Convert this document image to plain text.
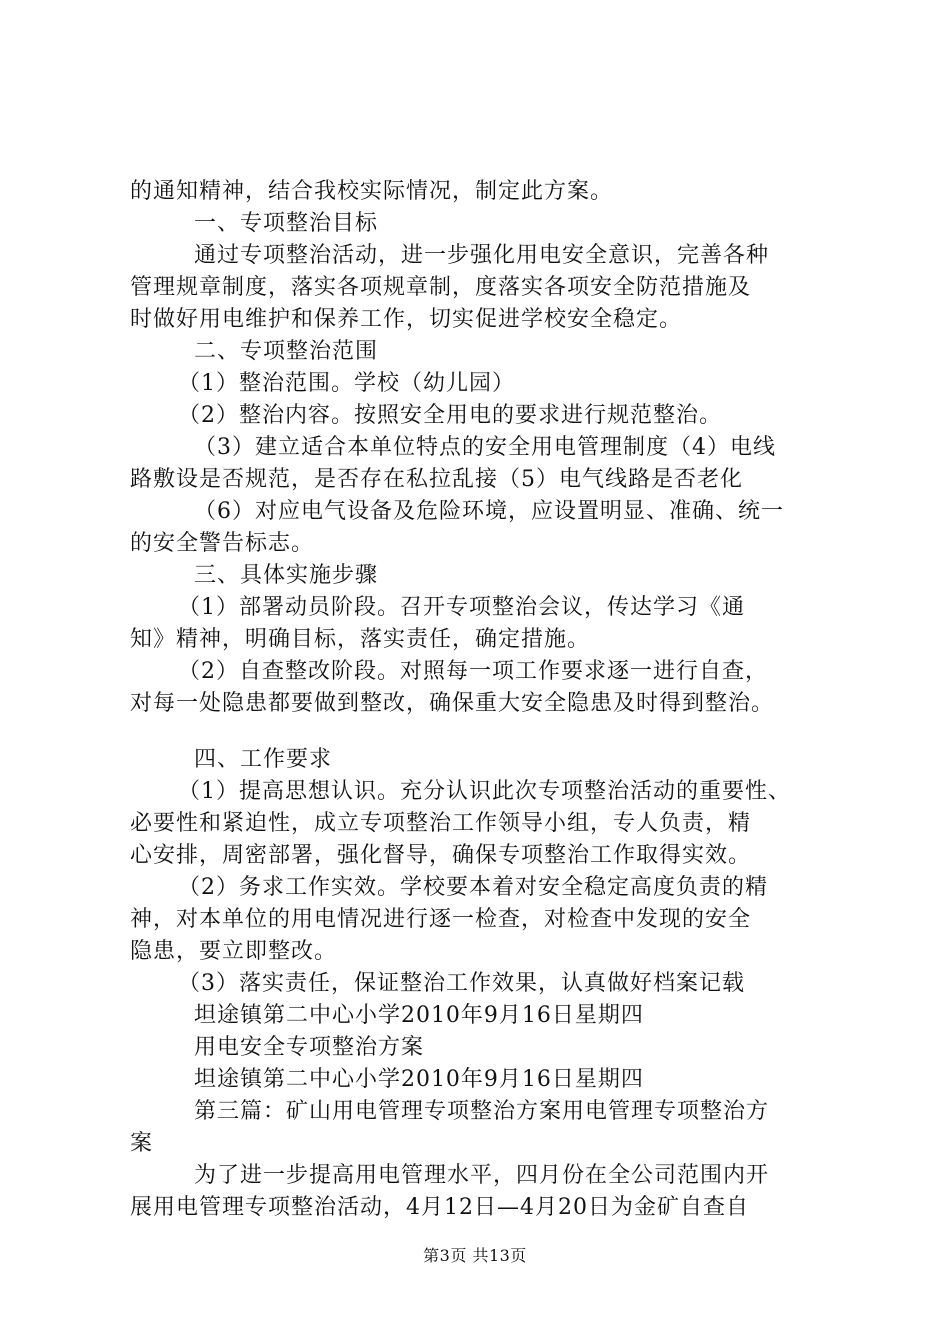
的通知精神，结合我校实际情况，制定此方案。
一、专项整治目标
通过专项整治活动，进一步强化用电安全意识，完善各种
管理规章制度，落实各项规章制，度落实各项安全防范措施及
时做好用电维护和保养工作，切实促进学校安全稳定。
二、专项整治范围
（1）整治范围。学校（幼儿园）
（2）整治内容。按照安全用电的要求进行规范整治。
（3）建立适合本单位特点的安全用电管理制度（4）电线
路敷设是否规范，是否存在私拉乱接（5）电气线路是否老化
（6）对应电气设备及危险环境，应设置明显、准确、统一
的安全警告标志。
三、具体实施步骤
（1）部署动员阶段。召开专项整治会议，传达学习《通
知》精神，明确目标，落实责任，确定措施。
（2）自查整改阶段。对照每一项工作要求逐一进行自查，
对每一处隐患都要做到整改，确保重大安全隐患及时得到整治。
四、工作要求
（1）提高思想认识。充分认识此次专项整治活动的重要性、
必要性和紧迫性，成立专项整治工作领导小组，专人负责，精
心安排，周密部署，强化督导，确保专项整治工作取得实效。
（2）务求工作实效。学校要本着对安全稳定高度负责的精
神，对本单位的用电情况进行逐一检查，对检查中发现的安全
隐患，要立即整改。
（3）落实责任，保证整治工作效果，认真做好档案记载
坦途镇第二中心小学2010年9月16日星期四
用电安全专项整治方案
坦途镇第二中心小学2010年9月16日星期四
第三篇：矿山用电管理专项整治方案用电管理专项整治方
案
为了进一步提高用电管理水平，四月份在全公司范围内开
展用电管理专项整治活动，4月12日—4月20日为金矿自查自
第3页 共13页
